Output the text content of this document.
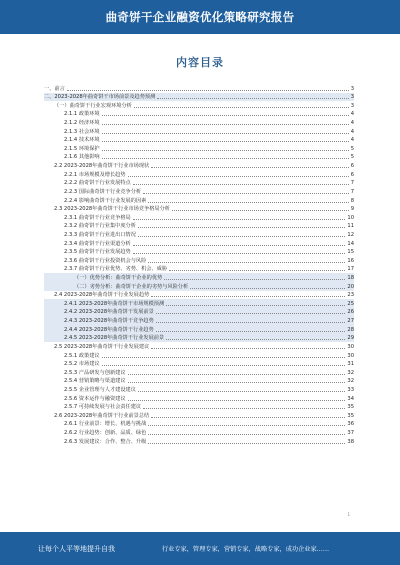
曲奇饼干企业融资优化策略研究报告
内容目录
一、前言	3
二、2023-2028年曲奇饼干市场前景及趋势预测	3
（一）曲奇饼干行业宏观环境分析	3
2.1.1 政策环境	4
2.1.2 经济环境	4
2.1.3 社会环境	4
2.1.4 技术环境	4
2.1.5 环境保护	5
2.1.6 其他影响	5
2.2 2023-2028年曲奇饼干行业市场现状	6
2.2.1 市场规模及增长趋势	6
2.2.2 曲奇饼干行业发展特点	7
2.2.3 国际曲奇饼干行业竞争分析	7
2.2.4 影响曲奇饼干行业发展的因素	8
2.3 2023-2028年曲奇饼干行业市场竞争格局分析	9
2.3.1 曲奇饼干行业竞争格局	10
2.3.2 曲奇饼干行业集中度分析	11
2.3.3 曲奇饼干行业进出口情况	12
2.3.4 曲奇饼干行业渠道分析	14
2.3.5 曲奇饼干行业发展趋势	15
2.3.6 曲奇饼干行业投资机会与风险	16
2.3.7 曲奇饼干行业优势、劣势、机会、威胁	17
（一）优势分析：曲奇饼干企业的优势	18
（二）劣势分析：曲奇饼干企业的劣势与风险分析	20
2.4 2023-2028年曲奇饼干行业发展趋势	23
2.4.1 2023-2028年曲奇饼干市场规模预测	25
2.4.2 2023-2028年曲奇饼干发展前景	26
2.4.3 2023-2028年曲奇饼干竞争趋势	27
2.4.4 2023-2028年曲奇饼干行业趋势	28
2.4.5 2023-2028年曲奇饼干行业发展前景	29
2.5 2023-2028年曲奇饼干行业发展建议	30
2.5.1 政策建议	30
2.5.2 市场建议	31
2.5.3 产品研发与创新建议	32
2.5.4 营销策略与渠道建议	32
2.5.5 企业管理与人才建设建议	33
2.5.6 资本运作与融资建议	34
2.5.7 可持续发展与社会责任建议	35
2.6 2023-2028年曲奇饼干行业前景总结	35
2.6.1 行业前景：增长、机遇与挑战	36
2.6.2 行业趋势：创新、品质、绿色	37
2.6.3 发展建议：合作、整合、升级	38
1
让每个人平等地提升自我	行业专家，管理专家，营销专家，战略专家，成功企业家……
